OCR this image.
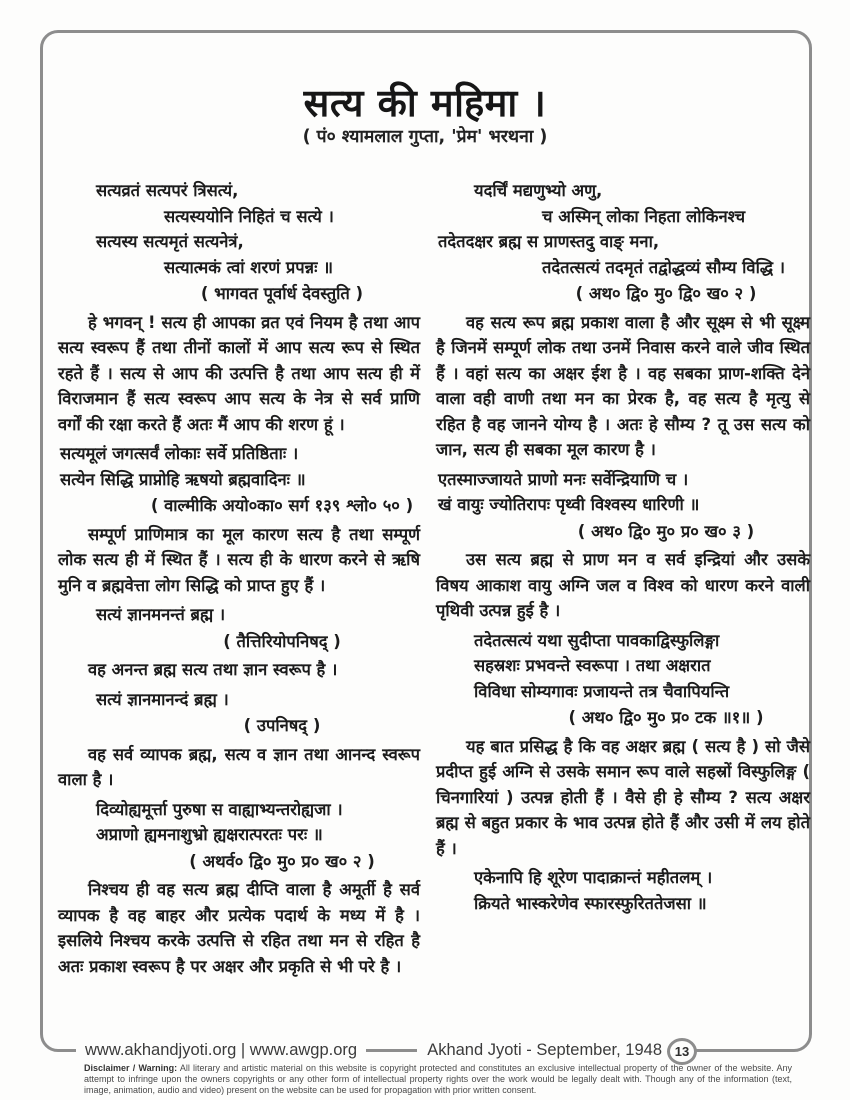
सत्य की महिमा ।
( पं० श्यामलाल गुप्ता, 'प्रेम' भरथना )
सत्यव्रतं सत्यपरं त्रिसत्यं,
सत्यस्ययोनि निहितं च सत्ये ।
सत्यस्य सत्यमृतं सत्यनेत्रं,
सत्यात्मकं त्वां शरणं प्रपन्नः ॥
( भागवत पूर्वार्ध देवस्तुति )
हे भगवन् ! सत्य ही आपका व्रत एवं नियम है तथा आप सत्य स्वरूप हैं तथा तीनों कालों में आप सत्य रूप से स्थित रहते हैं । सत्य से आप की उत्पत्ति है तथा आप सत्य ही में विराजमान हैं सत्य स्वरूप आप सत्य के नेत्र से सर्व प्राणि वर्गों की रक्षा करते हैं अतः मैं आप की शरण हूं ।
सत्यमूलं जगत्सर्वं लोकाः सर्वे प्रतिष्ठिताः ।
सत्येन सिद्धि प्राप्नोहि ऋषयो ब्रह्मवादिनः ॥
( वाल्मीकि अयो०का० सर्ग १३९ श्लो० ५० )
सम्पूर्ण प्राणिमात्र का मूल कारण सत्य है तथा सम्पूर्ण लोक सत्य ही में स्थित हैं । सत्य ही के धारण करने से ऋषि मुनि व ब्रह्मवेत्ता लोग सिद्धि को प्राप्त हुए हैं ।
सत्यं ज्ञानमनन्तं ब्रह्म ।
( तैत्तिरियोपनिषद् )
वह अनन्त ब्रह्म सत्य तथा ज्ञान स्वरूप है ।
सत्यं ज्ञानमानन्दं ब्रह्म ।
( उपनिषद् )
वह सर्व व्यापक ब्रह्म, सत्य व ज्ञान तथा आनन्द स्वरूप वाला है ।
दिव्योह्यमूर्त्ता पुरुषा स वाह्याभ्यन्तरोह्यजा ।
अप्राणो ह्यमनाशुभ्रो ह्यक्षरात्परतः परः ॥
( अथर्व० द्वि० मु० प्र० ख० २ )
निश्चय ही वह सत्य ब्रह्म दीप्ति वाला है अमूर्ती है सर्व व्यापक है वह बाहर और प्रत्येक पदार्थ के मध्य में है । इसलिये निश्चय करके उत्पत्ति से रहित तथा मन से रहित है अतः प्रकाश स्वरूप है पर अक्षर और प्रकृति से भी परे है ।
यदर्चिं मद्यणुभ्यो अणु,
च अस्मिन् लोका निहता लोकिनश्च
तदेतदक्षर ब्रह्म स प्राणस्तदु वाङ् मना,
तदेतत्सत्यं तदमृतं तद्वोद्धव्यं सौम्य विद्धि ।
( अथ० द्वि० मु० द्वि० ख० २ )
वह सत्य रूप ब्रह्म प्रकाश वाला है और सूक्ष्म से भी सूक्ष्म है जिनमें सम्पूर्ण लोक तथा उनमें निवास करने वाले जीव स्थित हैं । वहां सत्य का अक्षर ईश है । वह सबका प्राण-शक्ति देने वाला वही वाणी तथा मन का प्रेरक है, वह सत्य है मृत्यु से रहित है वह जानने योग्य है । अतः हे सौम्य ? तू उस सत्य को जान, सत्य ही सबका मूल कारण है ।
एतस्माज्जायते प्राणो मनः सर्वेन्द्रियाणि च ।
खं वायुः ज्योतिरापः पृथ्वी विश्वस्य धारिणी ॥
( अथ० द्वि० मु० प्र० ख० ३ )
उस सत्य ब्रह्म से प्राण मन व सर्व इन्द्रियां और उसके विषय आकाश वायु अग्नि जल व विश्व को धारण करने वाली पृथिवी उत्पन्न हुई है ।
तदेतत्सत्यं यथा सुदीप्ता पावकाद्विस्फुलिङ्गा
सहस्रशः प्रभवन्ते स्वरूपा । तथा अक्षरात
विविधा सोम्यगावः प्रजायन्ते तत्र चैवापियन्ति
( अथ० द्वि० मु० प्र० टक ॥१॥ )
यह बात प्रसिद्ध है कि वह अक्षर ब्रह्म ( सत्य है ) सो जैसे प्रदीप्त हुई अग्नि से उसके समान रूप वाले सहस्रों विस्फुलिङ्ग ( चिनगारियां ) उत्पन्न होती हैं । वैसे ही हे सौम्य ? सत्य अक्षर ब्रह्म से बहुत प्रकार के भाव उत्पन्न होते हैं और उसी में लय होते हैं ।
एकेनापि हि शूरेण पादाक्रान्तं महीतलम् ।
क्रियते भास्करेणेव स्फारस्फुरिततेजसा ॥
www.akhandjyoti.org | www.awgp.org	Akhand Jyoti - September, 1948 13
Disclaimer / Warning: All literary and artistic material on this website is copyright protected and constitutes an exclusive intellectual property of the owner of the website. Any attempt to infringe upon the owners copyrights or any other form of intellectual property rights over the work would be legally dealt with. Though any of the information (text, image, animation, audio and video) present on the website can be used for propagation with prior written consent.
